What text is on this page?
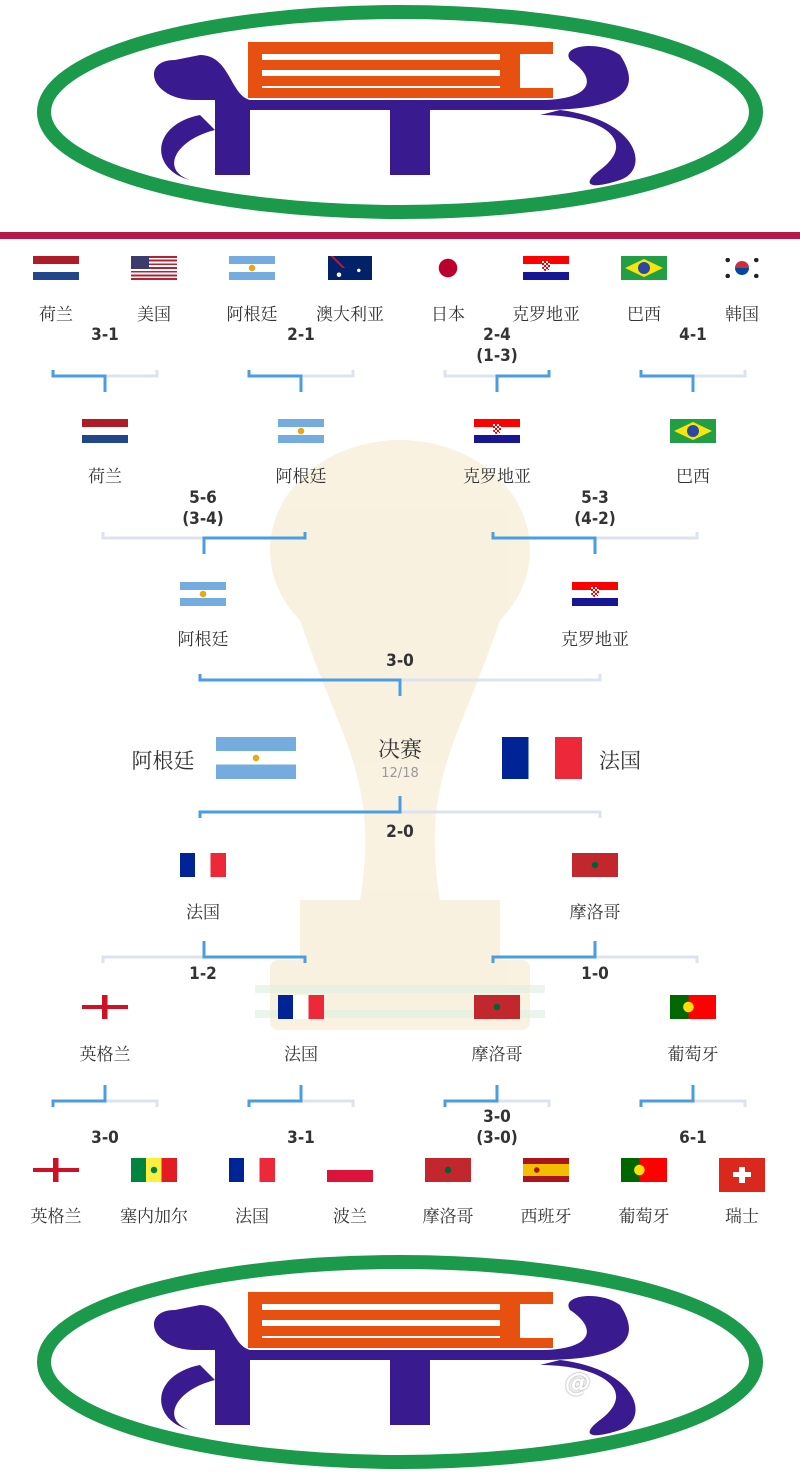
荷兰
英格兰
美国
塞内加尔
阿根廷
法国
澳大利亚
波兰
日本
摩洛哥
克罗地亚
西班牙
巴西
葡萄牙
韩国
瑞士
荷兰
英格兰
阿根廷
法国
克罗地亚
摩洛哥
巴西
葡萄牙
阿根廷
法国
克罗地亚
摩洛哥
3-1	2-1	4-1
2-4
(1-3)
5-6
(3-4)
5-3
(4-2)
3-0
2-0
1-2	1-0
3-0	3-1	6-1
3-0
(3-0)
阿根廷	决赛
12/18
法国
@
